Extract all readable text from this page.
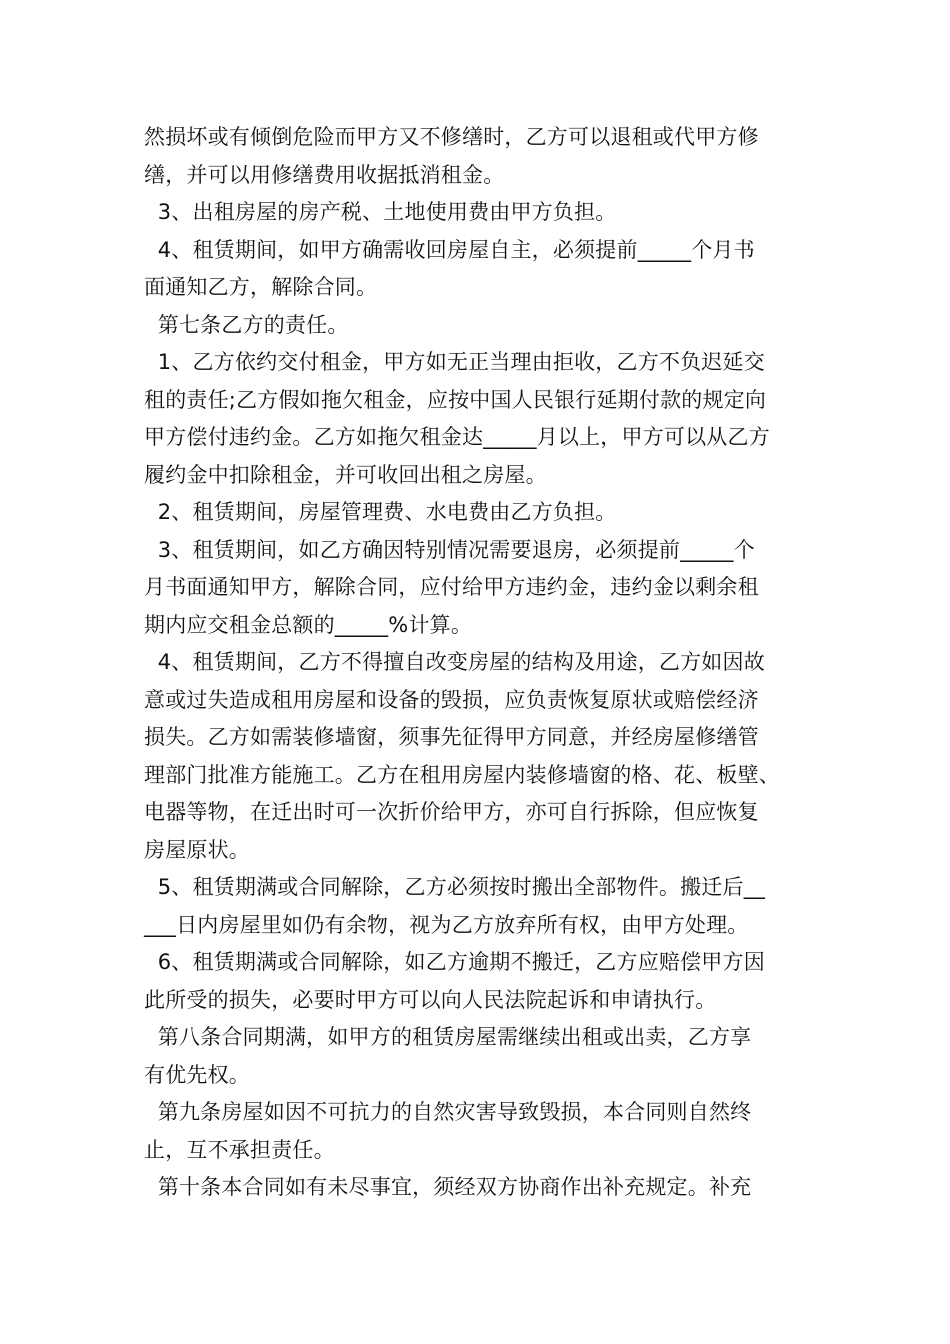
然损坏或有倾倒危险而甲方又不修缮时，乙方可以退租或代甲方修
缮，并可以用修缮费用收据抵消租金。
3、出租房屋的房产税、土地使用费由甲方负担。
4、租赁期间，如甲方确需收回房屋自主，必须提前_____个月书
面通知乙方，解除合同。
第七条乙方的责任。
1、乙方依约交付租金，甲方如无正当理由拒收，乙方不负迟延交
租的责任;乙方假如拖欠租金，应按中国人民银行延期付款的规定向
甲方偿付违约金。乙方如拖欠租金达_____月以上，甲方可以从乙方
履约金中扣除租金，并可收回出租之房屋。
2、租赁期间，房屋管理费、水电费由乙方负担。
3、租赁期间，如乙方确因特别情况需要退房，必须提前_____个
月书面通知甲方，解除合同，应付给甲方违约金，违约金以剩余租
期内应交租金总额的_____%计算。
4、租赁期间，乙方不得擅自改变房屋的结构及用途，乙方如因故
意或过失造成租用房屋和设备的毁损，应负责恢复原状或赔偿经济
损失。乙方如需装修墙窗，须事先征得甲方同意，并经房屋修缮管
理部门批准方能施工。乙方在租用房屋内装修墙窗的格、花、板壁、
电器等物，在迁出时可一次折价给甲方，亦可自行拆除，但应恢复
房屋原状。
5、租赁期满或合同解除，乙方必须按时搬出全部物件。搬迁后__
___日内房屋里如仍有余物，视为乙方放弃所有权，由甲方处理。
6、租赁期满或合同解除，如乙方逾期不搬迁，乙方应赔偿甲方因
此所受的损失，必要时甲方可以向人民法院起诉和申请执行。
第八条合同期满，如甲方的租赁房屋需继续出租或出卖，乙方享
有优先权。
第九条房屋如因不可抗力的自然灾害导致毁损，本合同则自然终
止，互不承担责任。
第十条本合同如有未尽事宜，须经双方协商作出补充规定。补充
